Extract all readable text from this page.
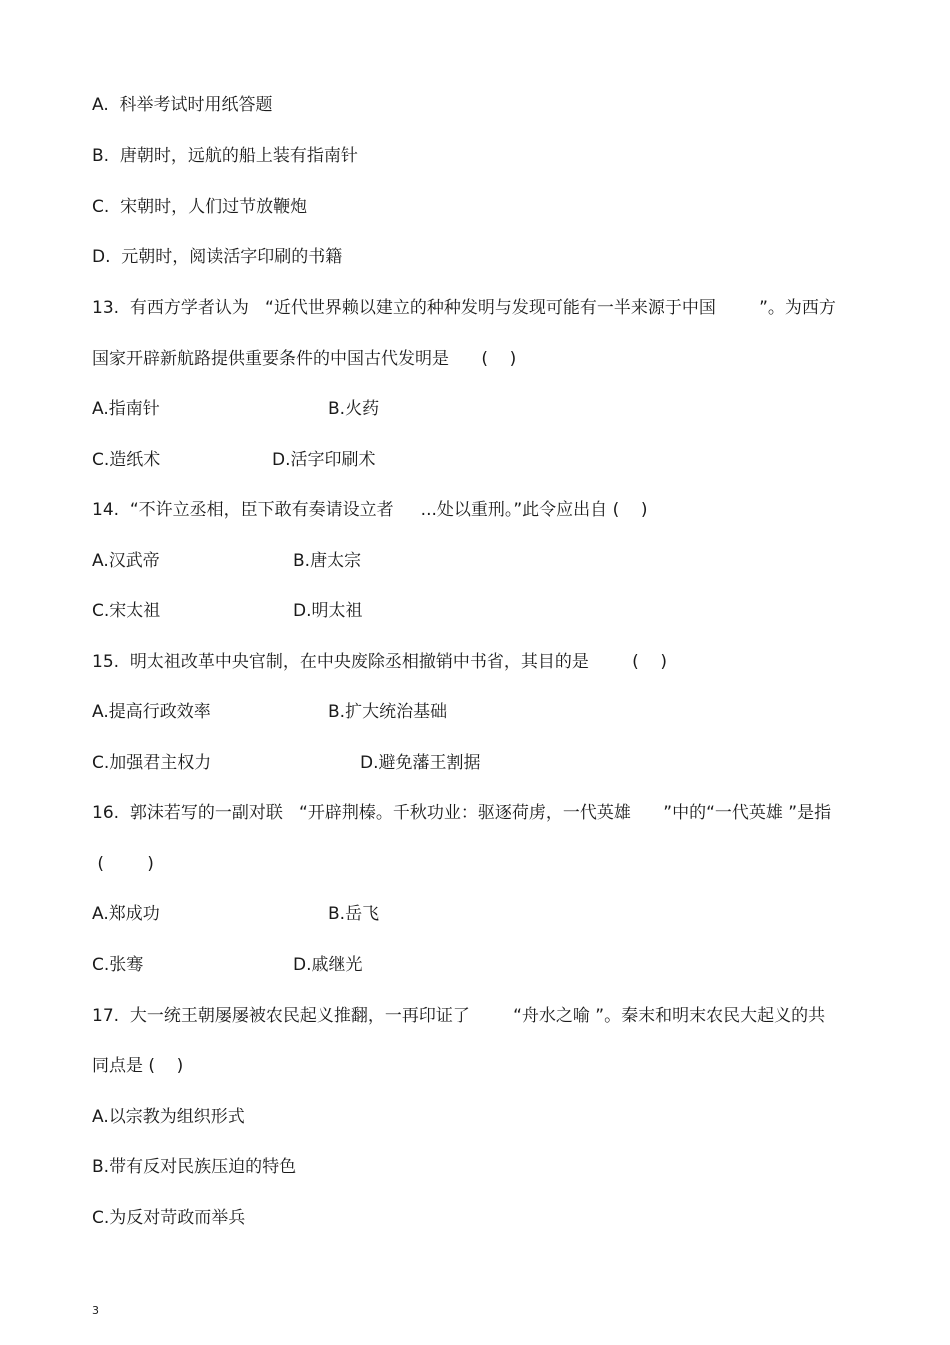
A.  科举考试时用纸答题
B.  唐朝时，远航的船上装有指南针
C.  宋朝时，人们过节放鞭炮
D.  元朝时，阅读活字印刷的书籍
13.  有西方学者认为   “近代世界赖以建立的种种发明与发现可能有一半来源于中国        ”。为西方
国家开辟新航路提供重要条件的中国古代发明是      (    )
A.指南针	B.火药
C.造纸术	D.活字印刷术
14.  “不许立丞相，臣下敢有奏请设立者     ...处以重刑。”此令应出自 (    )
A.汉武帝	B.唐太宗
C.宋太祖	D.明太祖
15.  明太祖改革中央官制，在中央废除丞相撤销中书省，其目的是        (    )
A.提高行政效率	B.扩大统治基础
C.加强君主权力	D.避免藩王割据
16.  郭沫若写的一副对联   “开辟荆榛。千秋功业：驱逐荷虏，一代英雄      ”中的“一代英雄 ”是指
(        )
A.郑成功	B.岳飞
C.张骞	D.戚继光
17.  大一统王朝屡屡被农民起义推翻，一再印证了        “舟水之喻 ”。秦末和明末农民大起义的共
同点是 (    )
A.以宗教为组织形式
B.带有反对民族压迫的特色
C.为反对苛政而举兵
3
